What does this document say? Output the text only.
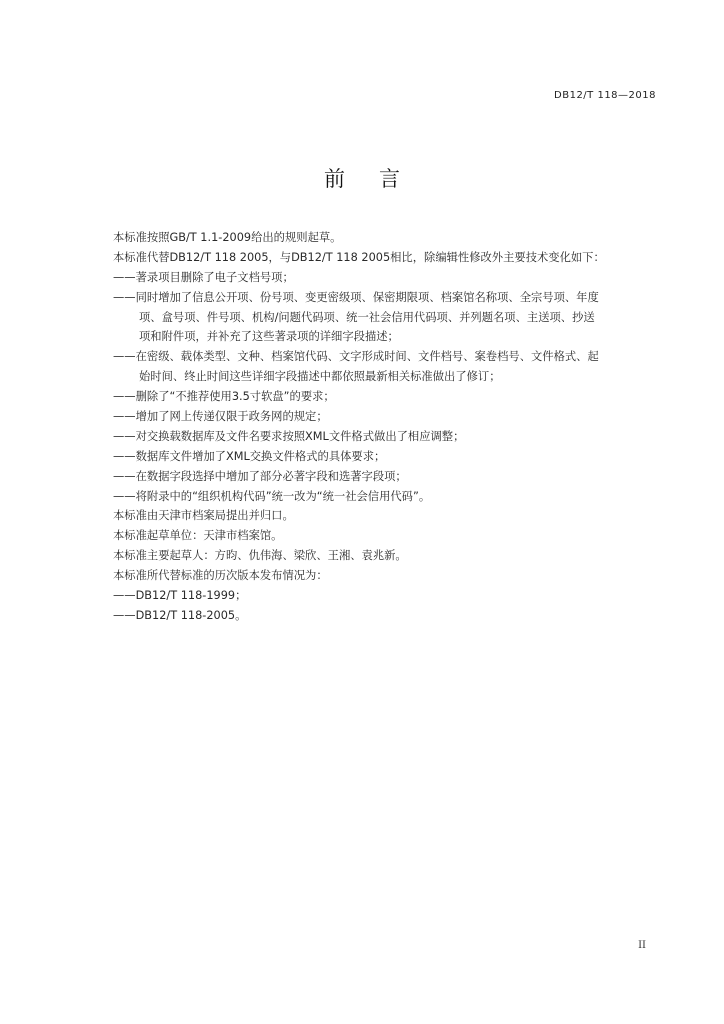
DB12/T 118—2018
前 言
本标准按照GB/T 1.1-2009给出的规则起草。
本标准代替DB12/T 118 2005，与DB12/T 118 2005相比，除编辑性修改外主要技术变化如下：
——著录项目删除了电子文档号项；
——同时增加了信息公开项、份号项、变更密级项、保密期限项、档案馆名称项、全宗号项、年度
项、盒号项、件号项、机构/问题代码项、统一社会信用代码项、并列题名项、主送项、抄送
项和附件项，并补充了这些著录项的详细字段描述；
——在密级、载体类型、文种、档案馆代码、文字形成时间、文件档号、案卷档号、文件格式、起
始时间、终止时间这些详细字段描述中都依照最新相关标准做出了修订；
——删除了“不推荐使用3.5寸软盘”的要求；
——增加了网上传递仅限于政务网的规定；
——对交换载数据库及文件名要求按照XML文件格式做出了相应调整；
——数据库文件增加了XML交换文件格式的具体要求；
——在数据字段选择中增加了部分必著字段和选著字段项；
——将附录中的“组织机构代码”统一改为“统一社会信用代码”。
本标准由天津市档案局提出并归口。
本标准起草单位：天津市档案馆。
本标准主要起草人：方昀、仇伟海、梁欣、王湘、袁兆新。
本标准所代替标准的历次版本发布情况为：
——DB12/T 118-1999；
——DB12/T 118-2005。
II
